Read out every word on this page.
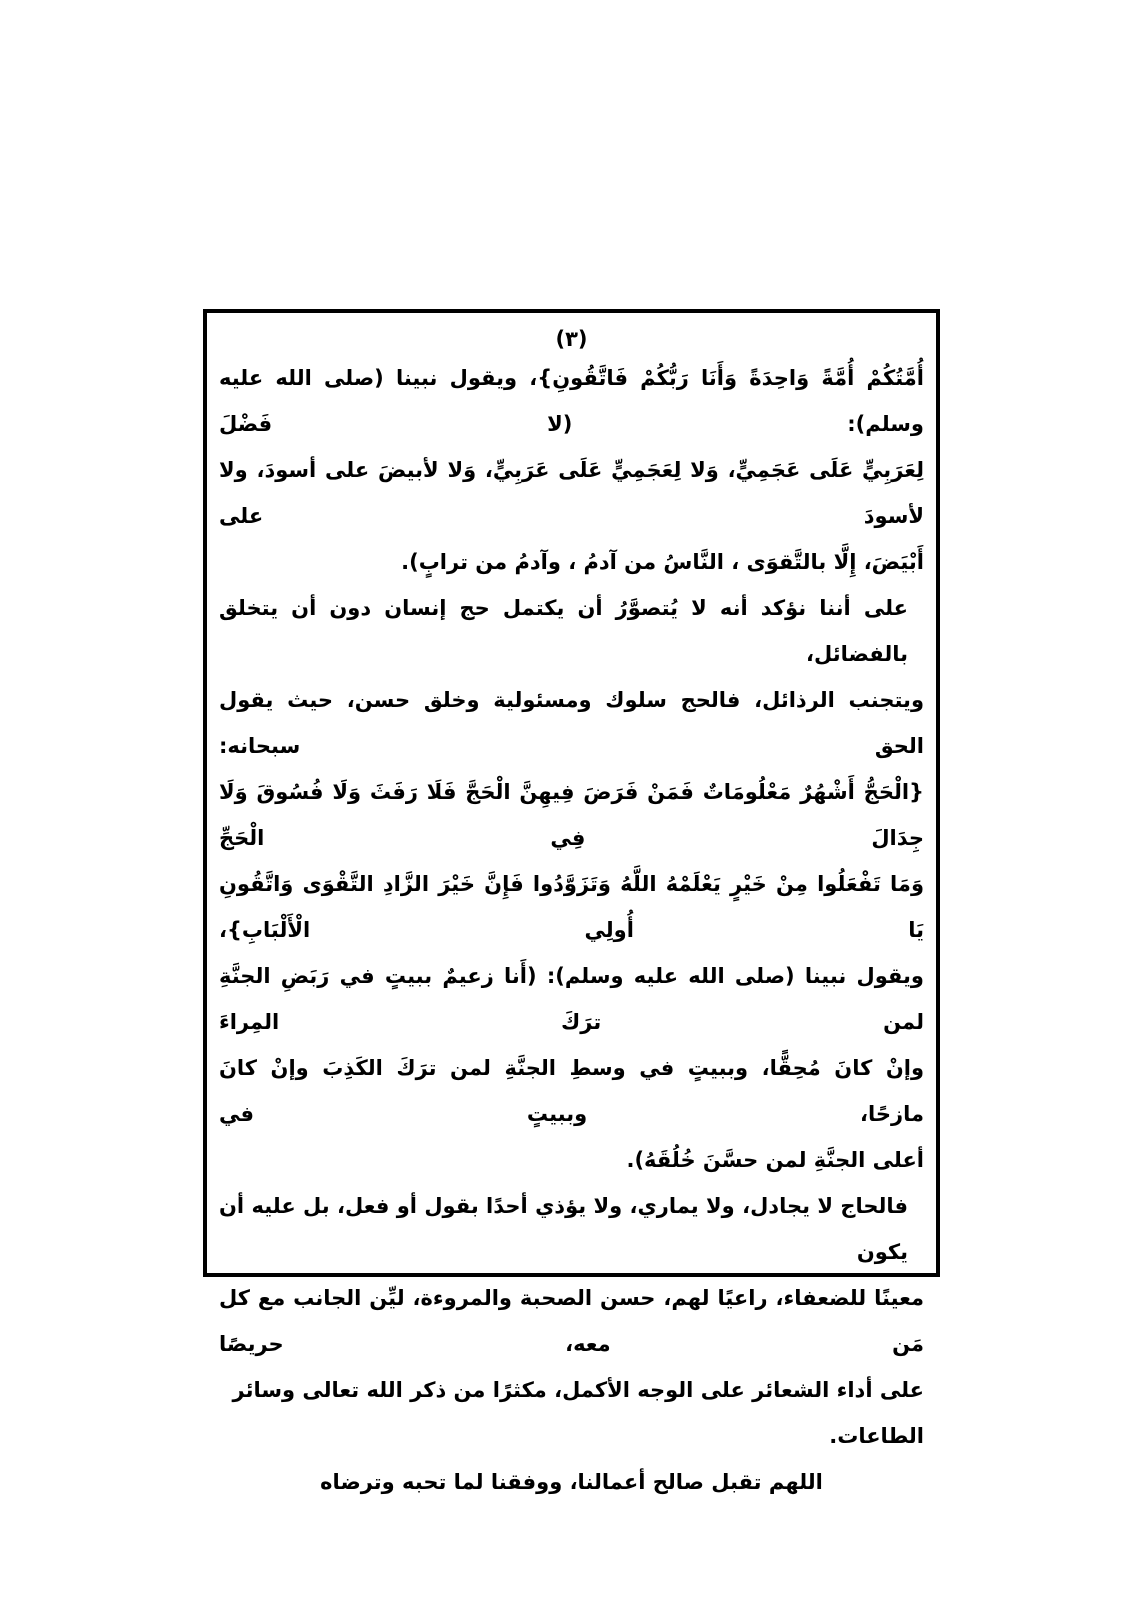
(٣)
أُمَّتُكُمْ أُمَّةً وَاحِدَةً وَأَنَا رَبُّكُمْ فَاتَّقُونِ}، ويقول نبينا (صلى الله عليه وسلم): (لا فَضْلَ
لِعَرَبِيٍّ عَلَى عَجَمِيٍّ، وَلا لِعَجَمِيٍّ عَلَى عَرَبِيٍّ، وَلا لأبيضَ على أسودَ، ولا لأسودَ على
أَبْيَضَ، إِلَّا بالتَّقوَى ، النَّاسُ من آدمُ ، وآدمُ من ترابٍ).
على أننا نؤكد أنه لا يُتصوَّرُ أن يكتمل حج إنسان دون أن يتخلق بالفضائل،
ويتجنب الرذائل، فالحج سلوك ومسئولية وخلق حسن، حيث يقول الحق سبحانه:
{الْحَجُّ أَشْهُرٌ مَعْلُومَاتٌ فَمَنْ فَرَضَ فِيهِنَّ الْحَجَّ فَلَا رَفَثَ وَلَا فُسُوقَ وَلَا جِدَالَ فِي الْحَجِّ
وَمَا تَفْعَلُوا مِنْ خَيْرٍ يَعْلَمْهُ اللَّهُ وَتَزَوَّدُوا فَإِنَّ خَيْرَ الزَّادِ التَّقْوَى وَاتَّقُونِ يَا أُولِي الْأَلْبَابِ}،
ويقول نبينا (صلى الله عليه وسلم): (أَنا زعيمٌ ببيتٍ في رَبَضِ الجنَّةِ لمن ترَكَ المِراءَ
وإنْ كانَ مُحِقًّا، وببيتٍ في وسطِ الجنَّةِ لمن ترَكَ الكَذِبَ وإنْ كانَ مازحًا، وببيتٍ في
أعلى الجنَّةِ لمن حسَّنَ خُلُقَهُ).
فالحاج لا يجادل، ولا يماري، ولا يؤذي أحدًا بقول أو فعل، بل عليه أن يكون
معينًا للضعفاء، راعيًا لهم، حسن الصحبة والمروءة، ليِّن الجانب مع كل مَن معه، حريصًا
على أداء الشعائر على الوجه الأكمل، مكثرًا من ذكر الله تعالى وسائر الطاعات.
اللهم تقبل صالح أعمالنا، ووفقنا لما تحبه وترضاه
